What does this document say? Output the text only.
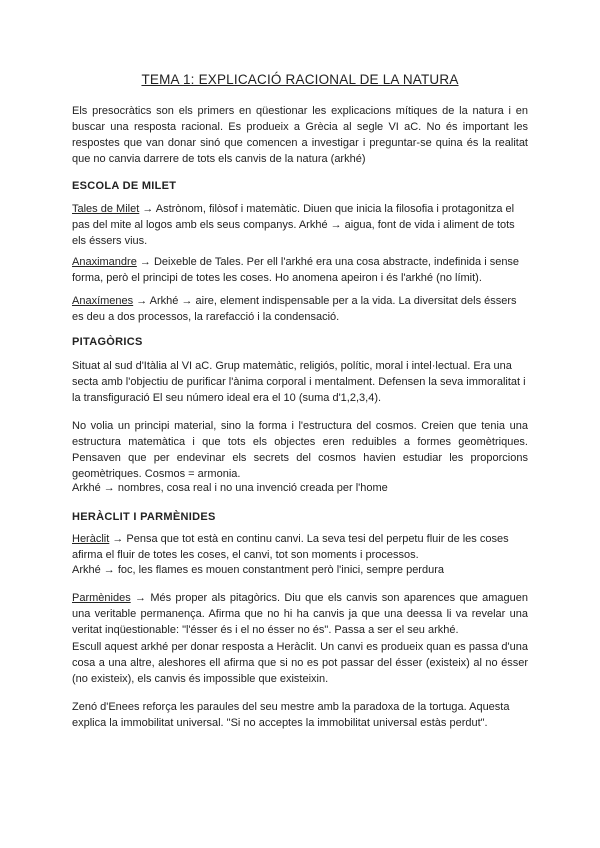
TEMA 1: EXPLICACIÓ RACIONAL DE LA NATURA

Els presocràtics son els primers en qüestionar les explicacions mítiques de la natura i en buscar una resposta racional. Es produeix a Grècia al segle VI aC. No és important les respostes que van donar sinó que comencen a investigar i preguntar-se quina és la realitat que no canvia darrere de tots els canvis de la natura (arkhé)

ESCOLA DE MILET

Tales de Milet → Astrònom, filòsof i matemàtic. Diuen que inicia la filosofia i protagonitza el pas del mite al logos amb els seus companys. Arkhé → aigua, font de vida i aliment de tots els éssers vius.

Anaximandre → Deixeble de Tales. Per ell l'arkhé era una cosa abstracte, indefinida i sense forma, però el principi de totes les coses. Ho anomena apeiron i és l'arkhé (no límit).

Anaxímenes → Arkhé → aire, element indispensable per a la vida. La diversitat dels éssers es deu a dos processos, la rarefacció i la condensació.

PITAGÒRICS

Situat al sud d'Itàlia al VI aC. Grup matemàtic, religiós, polític, moral i intel·lectual. Era una secta amb l'objectiu de purificar l'ànima corporal i mentalment. Defensen la seva immoralitat i la transfiguració El seu número ideal era el 10 (suma d'1,2,3,4).

No volia un principi material, sino la forma i l'estructura del cosmos. Creien que tenia una estructura matemàtica i que tots els objectes eren reduibles a formes geomètriques. Pensaven que per endevinar els secrets del cosmos havien estudiar les proporcions geomètriques. Cosmos = armonia.

Arkhé → nombres, cosa real i no una invenció creada per l'home

HERÀCLIT I PARMÈNIDES

Heràclit → Pensa que tot està en continu canvi. La seva tesi del perpetu fluir de les coses afirma el fluir de totes les coses, el canvi, tot son moments i processos.

Arkhé → foc, les flames es mouen constantment però l'inici, sempre perdura

Parmènides → Més proper als pitagòrics. Diu que els canvis son aparences que amaguen una veritable permanença. Afirma que no hi ha canvis ja que una deessa li va revelar una veritat inqüestionable: "l'ésser és i el no ésser no és". Passa a ser el seu arkhé.

Escull aquest arkhé per donar resposta a Heràclit. Un canvi es produeix quan es passa d'una cosa a una altre, aleshores ell afirma que si no es pot passar del ésser (existeix) al no ésser (no existeix), els canvis és impossible que existeixin.

Zenó d'Enees reforça les paraules del seu mestre amb la paradoxa de la tortuga. Aquesta explica la immobilitat universal. "Si no acceptes la immobilitat universal estàs perdut".
